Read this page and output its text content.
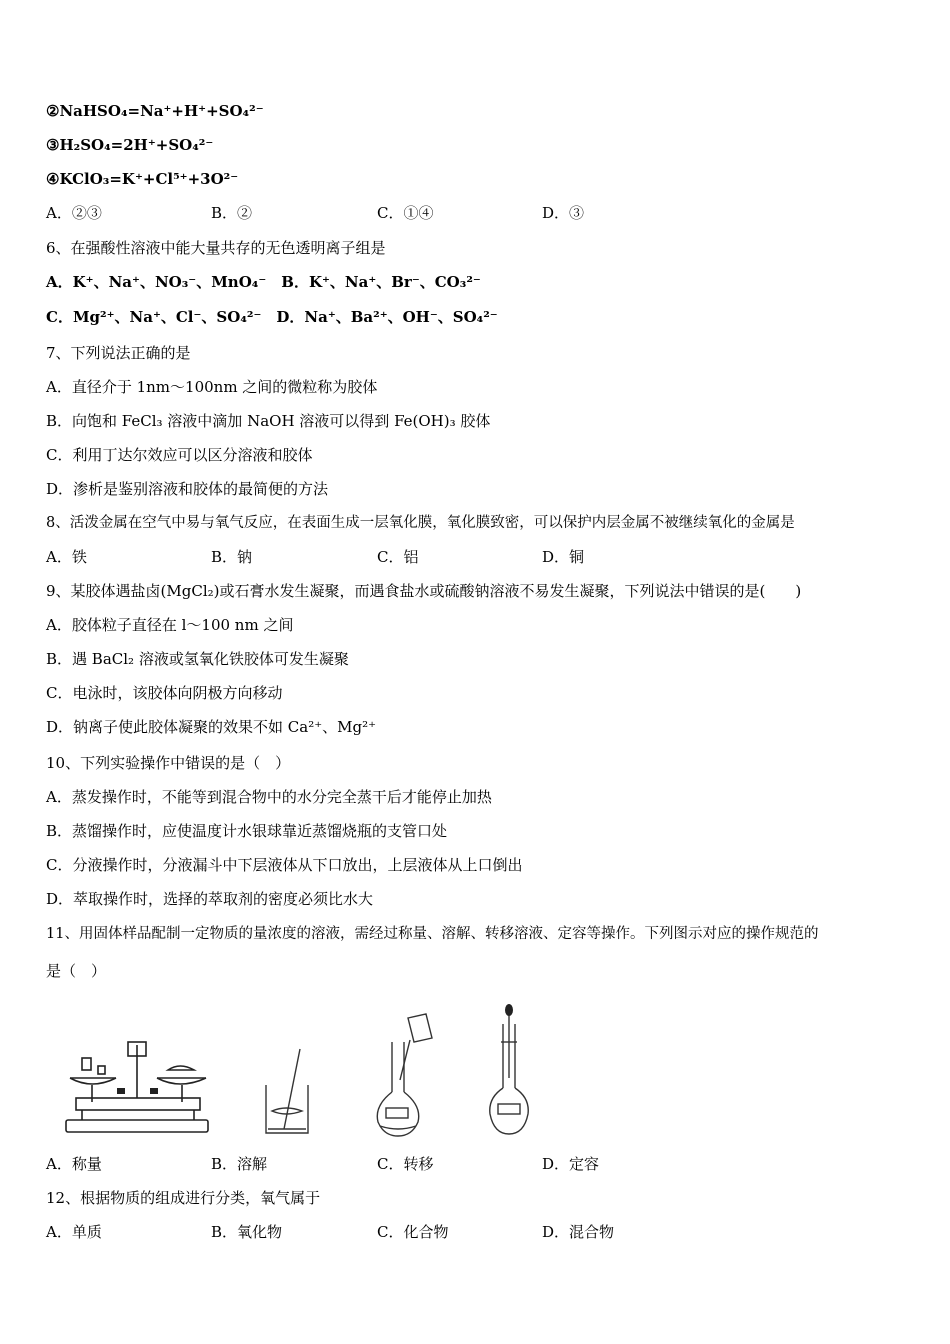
②NaHSO₄=Na⁺+H⁺+SO₄²⁻
③H₂SO₄=2H⁺+SO₄²⁻
④KClO₃=K⁺+Cl⁵⁺+3O²⁻
A．②③	B．②	C．①④	D．③
6、在强酸性溶液中能大量共存的无色透明离子组是
A．K⁺、Na⁺、NO₃⁻、MnO₄⁻　B．K⁺、Na⁺、Br⁻、CO₃²⁻
C．Mg²⁺、Na⁺、Cl⁻、SO₄²⁻　D．Na⁺、Ba²⁺、OH⁻、SO₄²⁻
7、下列说法正确的是
A．直径介于 1nm～100nm 之间的微粒称为胶体
B．向饱和 FeCl₃ 溶液中滴加 NaOH 溶液可以得到 Fe(OH)₃ 胶体
C．利用丁达尔效应可以区分溶液和胶体
D．渗析是鉴别溶液和胶体的最简便的方法
8、活泼金属在空气中易与氧气反应，在表面生成一层氧化膜，氧化膜致密，可以保护内层金属不被继续氧化的金属是
A．铁	B．钠	C．铝	D．铜
9、某胶体遇盐卤(MgCl₂)或石膏水发生凝聚，而遇食盐水或硫酸钠溶液不易发生凝聚，下列说法中错误的是(　　)
A．胶体粒子直径在 l～100 nm 之间
B．遇 BaCl₂ 溶液或氢氧化铁胶体可发生凝聚
C．电泳时，该胶体向阴极方向移动
D．钠离子使此胶体凝聚的效果不如 Ca²⁺、Mg²⁺
10、下列实验操作中错误的是（　）
A．蒸发操作时，不能等到混合物中的水分完全蒸干后才能停止加热
B．蒸馏操作时，应使温度计水银球靠近蒸馏烧瓶的支管口处
C．分液操作时，分液漏斗中下层液体从下口放出，上层液体从上口倒出
D．萃取操作时，选择的萃取剂的密度必须比水大
11、用固体样品配制一定物质的量浓度的溶液，需经过称量、溶解、转移溶液、定容等操作。下列图示对应的操作规范的
是（　）
A．称量	B．溶解	C．转移	D．定容
12、根据物质的组成进行分类，氧气属于
A．单质	B．氧化物	C．化合物	D．混合物
